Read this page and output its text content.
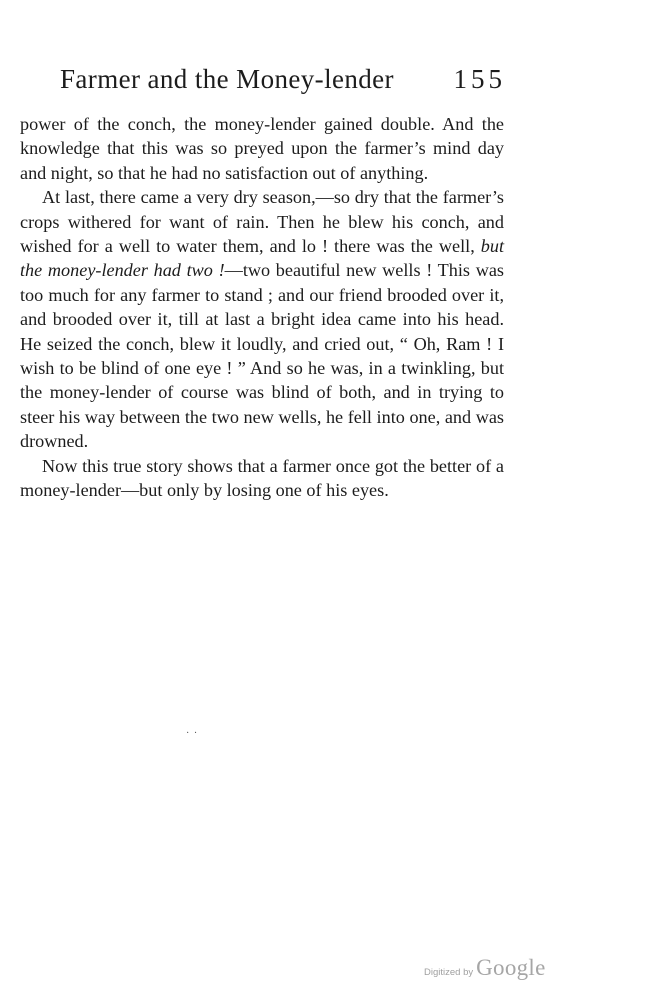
Farmer and the Money-lender 155

power of the conch, the money-lender gained double. And the knowledge that this was so preyed upon the farmer’s mind day and night, so that he had no satisfaction out of anything.

At last, there came a very dry season,—so dry that the farmer’s crops withered for want of rain. Then he blew his conch, and wished for a well to water them, and lo ! there was the well, but the money-lender had two !—two beautiful new wells ! This was too much for any farmer to stand ; and our friend brooded over it, and brooded over it, till at last a bright idea came into his head. He seized the conch, blew it loudly, and cried out, “ Oh, Ram ! I wish to be blind of one eye ! ” And so he was, in a twinkling, but the money-lender of course was blind of both, and in trying to steer his way between the two new wells, he fell into one, and was drowned.

Now this true story shows that a farmer once got the better of a money-lender—but only by losing one of his eyes.

· ·
Digitized by Google
